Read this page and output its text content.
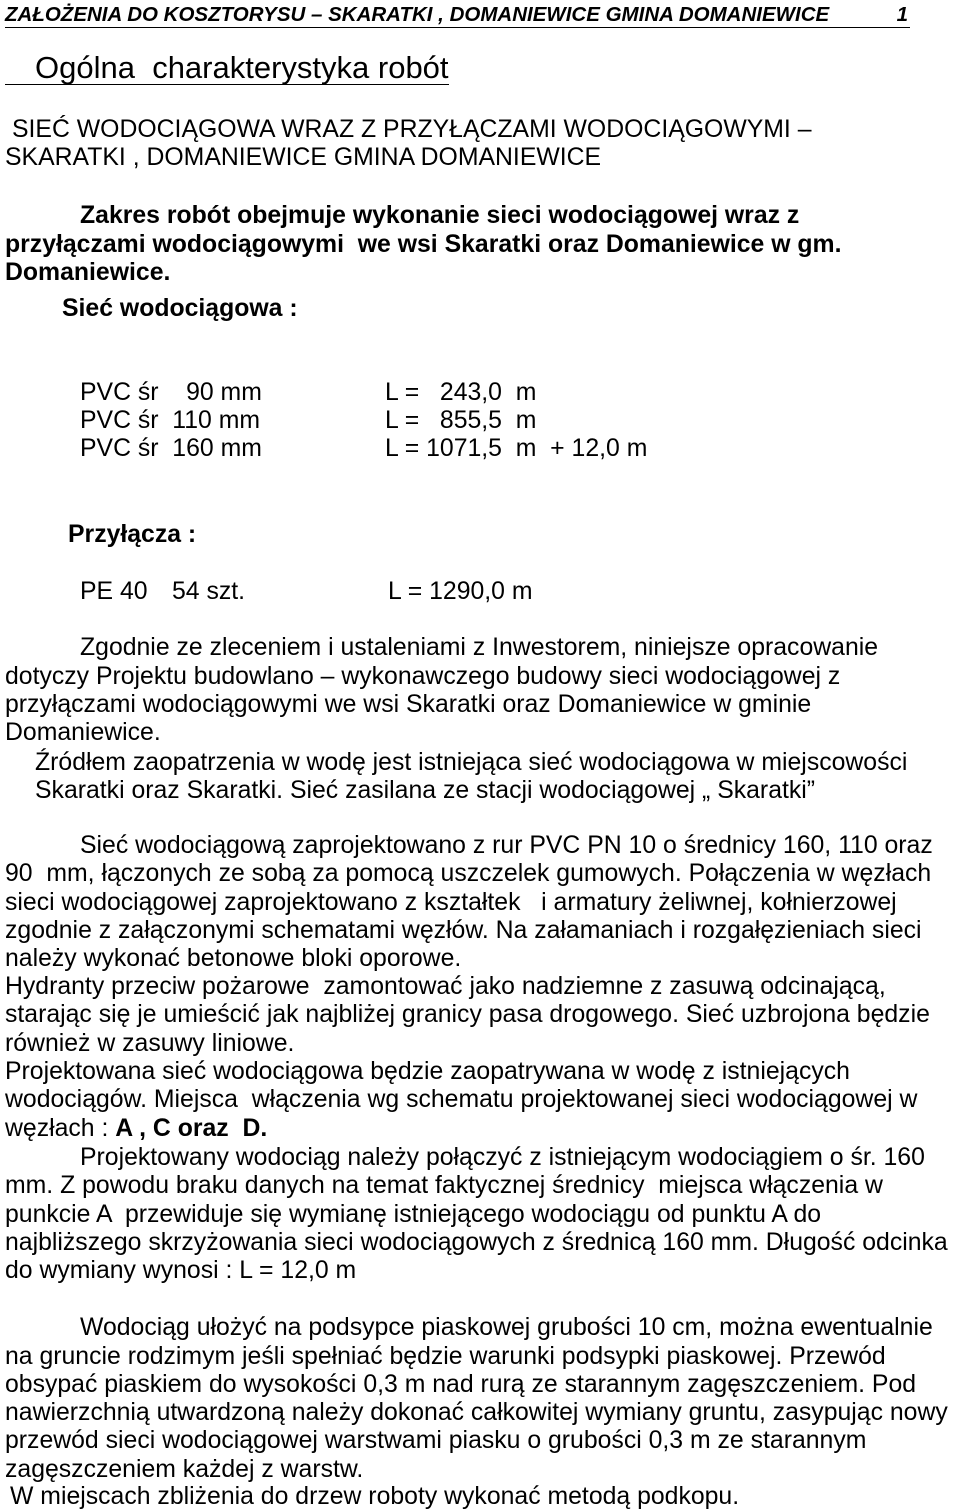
ZAŁOŻENIA DO KOSZTORYSU – SKARATKI , DOMANIEWICE GMINA DOMANIEWICE	1
Ogólna  charakterystyka robót
SIEĆ WODOCIĄGOWA WRAZ Z PRZYŁĄCZAMI WODOCIĄGOWYMI –
SKARATKI , DOMANIEWICE GMINA DOMANIEWICE
Zakres robót obejmuje wykonanie sieci wodociągowej wraz z
przyłączami wodociągowymi  we wsi Skaratki oraz Domaniewice w gm.
Domaniewice.
Sieć wodociągowa :
PVC śr    90 mm	L =   243,0  m
PVC śr  110 mm	L =   855,5  m
PVC śr  160 mm	L = 1071,5  m  + 12,0 m
Przyłącza :
PE 40 54 szt.	L = 1290,0 m
Zgodnie ze zleceniem i ustaleniami z Inwestorem, niniejsze opracowanie
dotyczy Projektu budowlano – wykonawczego budowy sieci wodociągowej z
przyłączami wodociągowymi we wsi Skaratki oraz Domaniewice w gminie
Domaniewice.
Źródłem zaopatrzenia w wodę jest istniejąca sieć wodociągowa w miejscowości
Skaratki oraz Skaratki. Sieć zasilana ze stacji wodociągowej „ Skaratki”
Sieć wodociągową zaprojektowano z rur PVC PN 10 o średnicy 160, 110 oraz
90  mm, łączonych ze sobą za pomocą uszczelek gumowych. Połączenia w węzłach
sieci wodociągowej zaprojektowano z kształtek   i armatury żeliwnej, kołnierzowej
zgodnie z załączonymi schematami węzłów. Na załamaniach i rozgałęzieniach sieci
należy wykonać betonowe bloki oporowe.
Hydranty przeciw pożarowe  zamontować jako nadziemne z zasuwą odcinającą,
starając się je umieścić jak najbliżej granicy pasa drogowego. Sieć uzbrojona będzie
również w zasuwy liniowe.
Projektowana sieć wodociągowa będzie zaopatrywana w wodę z istniejących
wodociągów. Miejsca  włączenia wg schematu projektowanej sieci wodociągowej w
węzłach : A , C oraz  D.
Projektowany wodociąg należy połączyć z istniejącym wodociągiem o śr. 160
mm. Z powodu braku danych na temat faktycznej średnicy  miejsca włączenia w
punkcie A  przewiduje się wymianę istniejącego wodociągu od punktu A do
najbliższego skrzyżowania sieci wodociągowych z średnicą 160 mm. Długość odcinka
do wymiany wynosi : L = 12,0 m
Wodociąg ułożyć na podsypce piaskowej grubości 10 cm, można ewentualnie
na gruncie rodzimym jeśli spełniać będzie warunki podsypki piaskowej. Przewód
obsypać piaskiem do wysokości 0,3 m nad rurą ze starannym zagęszczeniem. Pod
nawierzchnią utwardzoną należy dokonać całkowitej wymiany gruntu, zasypując nowy
przewód sieci wodociągowej warstwami piasku o grubości 0,3 m ze starannym
zagęszczeniem każdej z warstw.
W miejscach zbliżenia do drzew roboty wykonać metodą podkopu.
